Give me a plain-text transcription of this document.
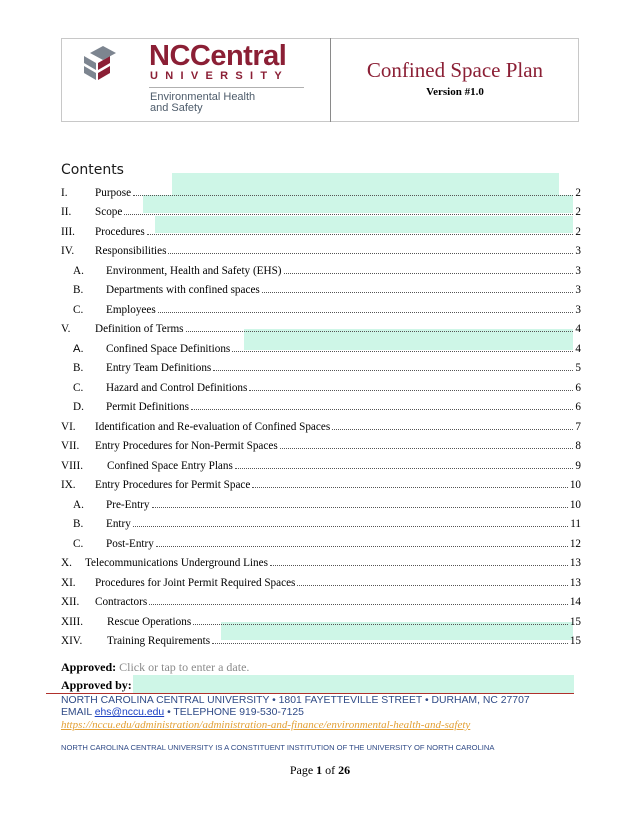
NCCentral
UNIVERSITY
Environmental Health
and Safety
Confined Space Plan
Version #1.0
Contents
I.	Purpose	2
II.	Scope	2
III.	Procedures	2
IV.	Responsibilities	3
A.	Environment, Health and Safety (EHS)	3
B.	Departments with confined spaces	3
C.	Employees	3
V.	Definition of Terms	4
A.	Confined Space Definitions	4
B.	Entry Team Definitions	5
C.	Hazard and Control Definitions	6
D.	Permit Definitions	6
VI.	Identification and Re-evaluation of Confined Spaces	7
VII.	Entry Procedures for Non-Permit Spaces	8
VIII.	Confined Space Entry Plans	9
IX.	Entry Procedures for Permit Space	10
A.	Pre-Entry	10
B.	Entry	11
C.	Post-Entry	12
X.	Telecommunications Underground Lines	13
XI.	Procedures for Joint Permit Required Spaces	13
XII.	Contractors	14
XIII.	Rescue Operations	15
XIV.	Training Requirements	15
Approved: Click or tap to enter a date.
Approved by:
NORTH CAROLINA CENTRAL UNIVERSITY • 1801 FAYETTEVILLE STREET • DURHAM, NC 27707
EMAIL ehs@nccu.edu • TELEPHONE 919-530-7125
https://nccu.edu/administration/administration-and-finance/environmental-health-and-safety
NORTH CAROLINA CENTRAL UNIVERSITY IS A CONSTITUENT INSTITUTION OF THE UNIVERSITY OF NORTH CAROLINA
Page 1 of 26
